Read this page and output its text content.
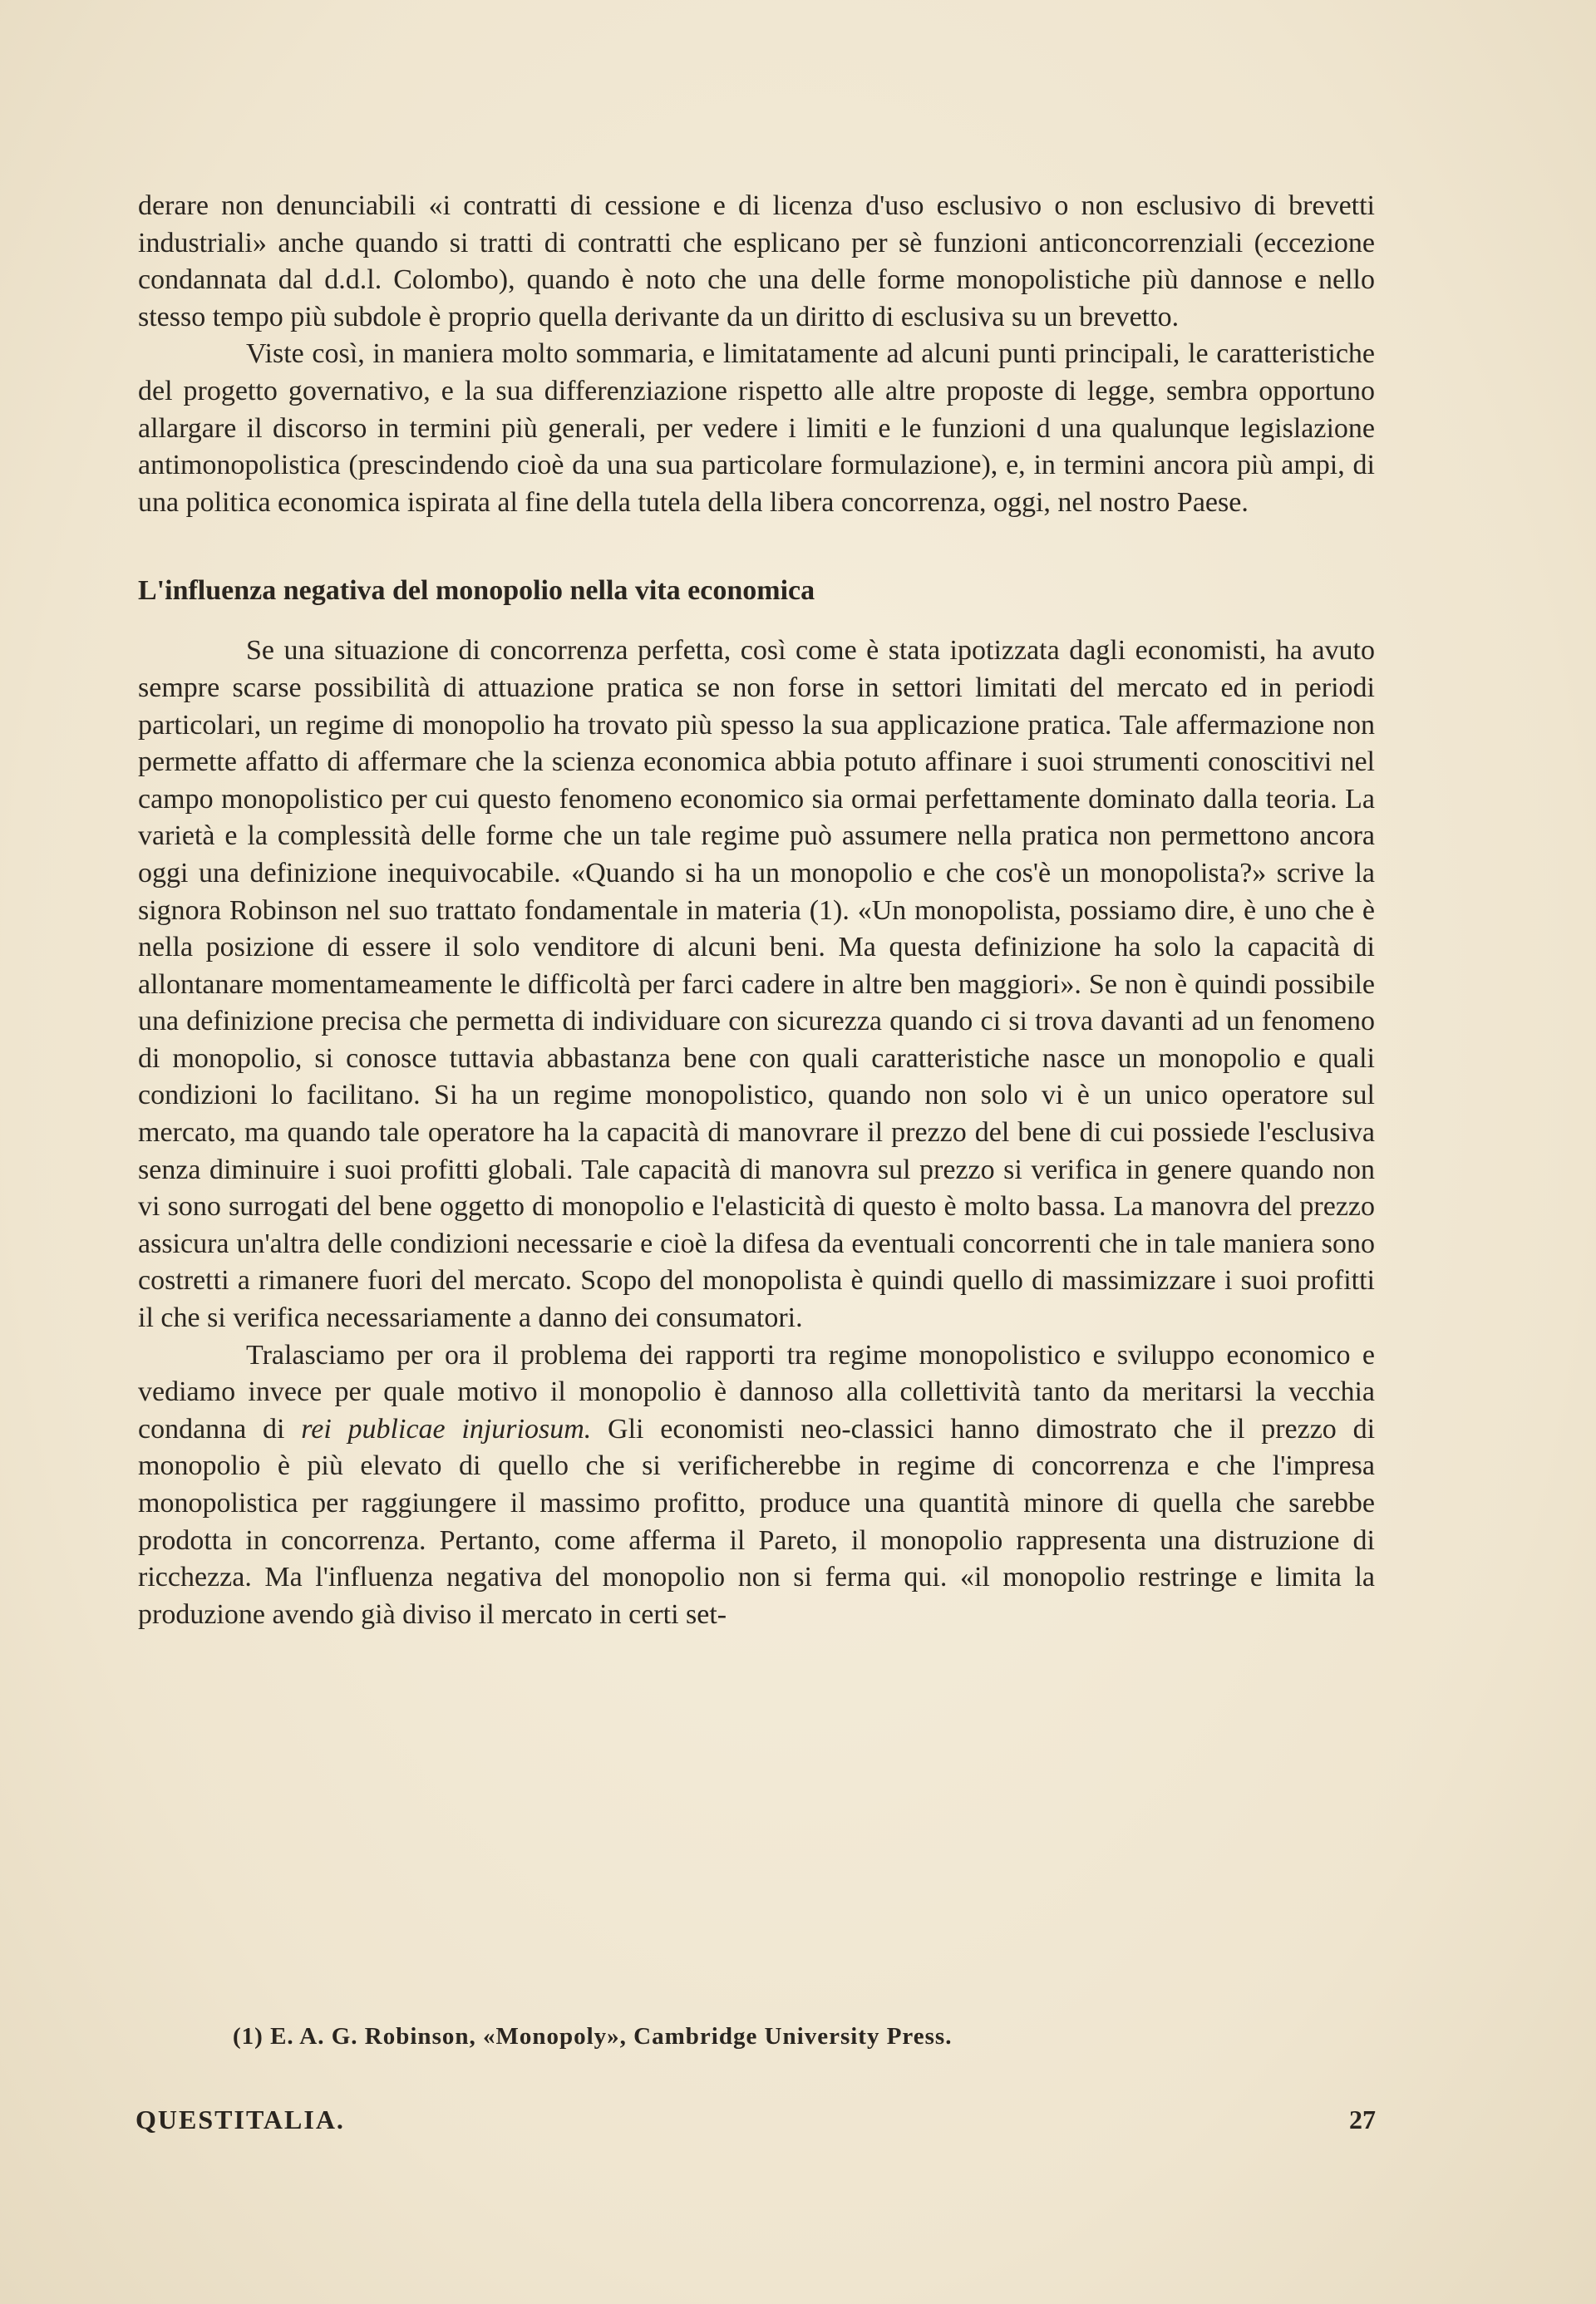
derare non denunciabili «i contratti di cessione e di licenza d'uso esclusivo o non esclusivo di brevetti industriali» anche quando si tratti di contratti che esplicano per sè funzioni anticoncorrenziali (eccezione condannata dal d.d.l. Colombo), quando è noto che una delle forme monopolistiche più dannose e nello stesso tempo più subdole è proprio quella derivante da un diritto di esclusiva su un brevetto.

Viste così, in maniera molto sommaria, e limitatamente ad alcuni punti principali, le caratteristiche del progetto governativo, e la sua differenziazione rispetto alle altre proposte di legge, sembra opportuno allargare il discorso in termini più generali, per vedere i limiti e le funzioni d una qualunque legislazione antimonopolistica (prescindendo cioè da una sua particolare formulazione), e, in termini ancora più ampi, di una politica economica ispirata al fine della tutela della libera concorrenza, oggi, nel nostro Paese.

L'influenza negativa del monopolio nella vita economica

Se una situazione di concorrenza perfetta, così come è stata ipotizzata dagli economisti, ha avuto sempre scarse possibilità di attuazione pratica se non forse in settori limitati del mercato ed in periodi particolari, un regime di monopolio ha trovato più spesso la sua applicazione pratica. Tale affermazione non permette affatto di affermare che la scienza economica abbia potuto affinare i suoi strumenti conoscitivi nel campo monopolistico per cui questo fenomeno economico sia ormai perfettamente dominato dalla teoria. La varietà e la complessità delle forme che un tale regime può assumere nella pratica non permettono ancora oggi una definizione inequivocabile. «Quando si ha un monopolio e che cos'è un monopolista?» scrive la signora Robinson nel suo trattato fondamentale in materia (1). «Un monopolista, possiamo dire, è uno che è nella posizione di essere il solo venditore di alcuni beni. Ma questa definizione ha solo la capacità di allontanare momentameamente le difficoltà per farci cadere in altre ben maggiori». Se non è quindi possibile una definizione precisa che permetta di individuare con sicurezza quando ci si trova davanti ad un fenomeno di monopolio, si conosce tuttavia abbastanza bene con quali caratteristiche nasce un monopolio e quali condizioni lo facilitano. Si ha un regime monopolistico, quando non solo vi è un unico operatore sul mercato, ma quando tale operatore ha la capacità di manovrare il prezzo del bene di cui possiede l'esclusiva senza diminuire i suoi profitti globali. Tale capacità di manovra sul prezzo si verifica in genere quando non vi sono surrogati del bene oggetto di monopolio e l'elasticità di questo è molto bassa. La manovra del prezzo assicura un'altra delle condizioni necessarie e cioè la difesa da eventuali concorrenti che in tale maniera sono costretti a rimanere fuori del mercato. Scopo del monopolista è quindi quello di massimizzare i suoi profitti il che si verifica necessariamente a danno dei consumatori.

Tralasciamo per ora il problema dei rapporti tra regime monopolistico e sviluppo economico e vediamo invece per quale motivo il monopolio è dannoso alla collettività tanto da meritarsi la vecchia condanna di rei publicae injuriosum. Gli economisti neo-classici hanno dimostrato che il prezzo di monopolio è più elevato di quello che si verificherebbe in regime di concorrenza e che l'impresa monopolistica per raggiungere il massimo profitto, produce una quantità minore di quella che sarebbe prodotta in concorrenza. Pertanto, come afferma il Pareto, il monopolio rappresenta una distruzione di ricchezza. Ma l'influenza negativa del monopolio non si ferma qui. «il monopolio restringe e limita la produzione avendo già diviso il mercato in certi set-

(1) E. A. G. Robinson, «Monopoly», Cambridge University Press.
QUESTITALIA.	27
